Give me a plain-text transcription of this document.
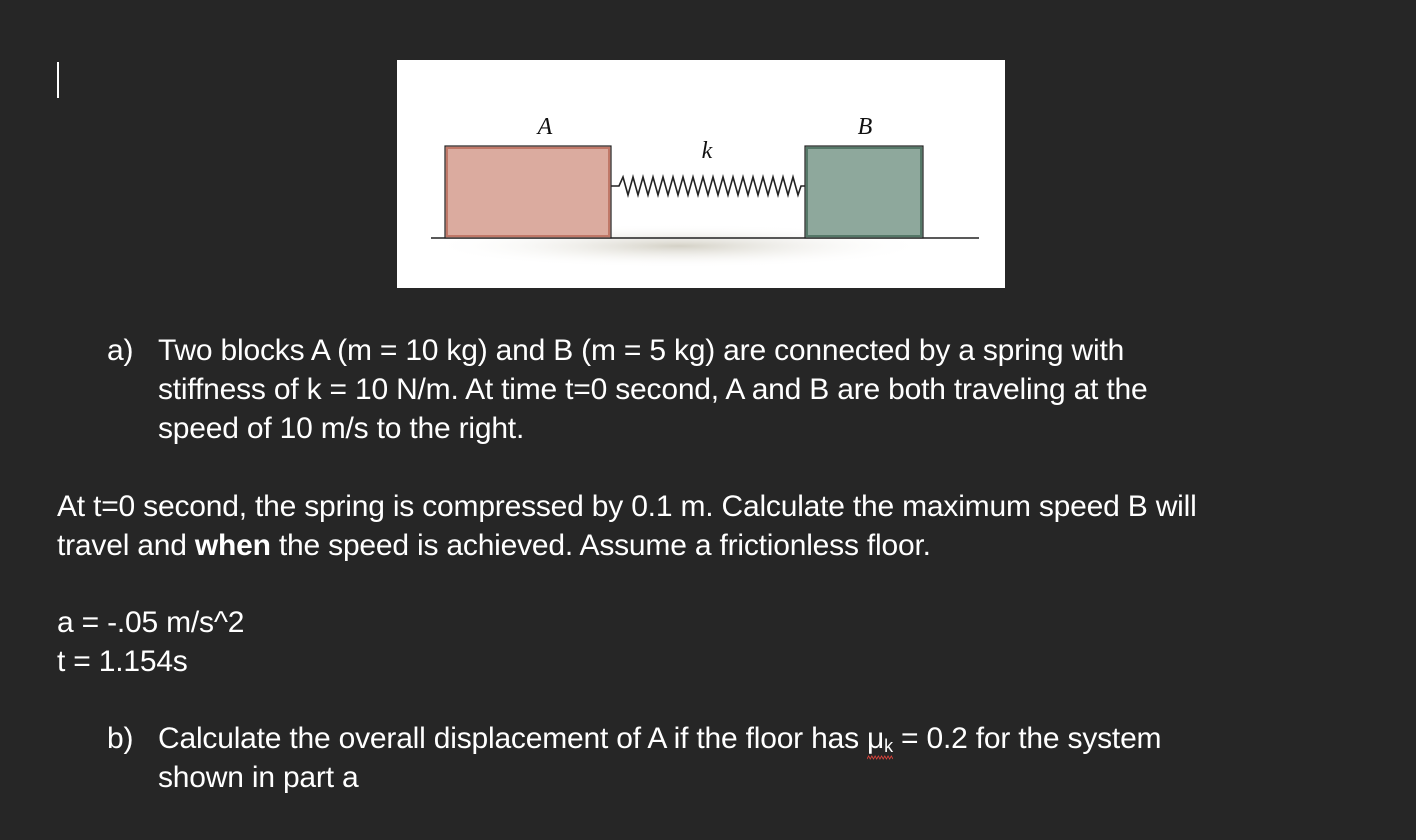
A	B
k
a) Two blocks A (m = 10 kg) and B (m = 5 kg) are connected by a spring with
stiffness of k = 10 N/m. At time t=0 second, A and B are both traveling at the
speed of 10 m/s to the right.
At t=0 second, the spring is compressed by 0.1 m. Calculate the maximum speed B will
travel and when the speed is achieved. Assume a frictionless floor.
a = -.05 m/s^2
t = 1.154s
b) Calculate the overall displacement of A if the floor has $\mu_k$
= 0.2 for the system
shown in part a
